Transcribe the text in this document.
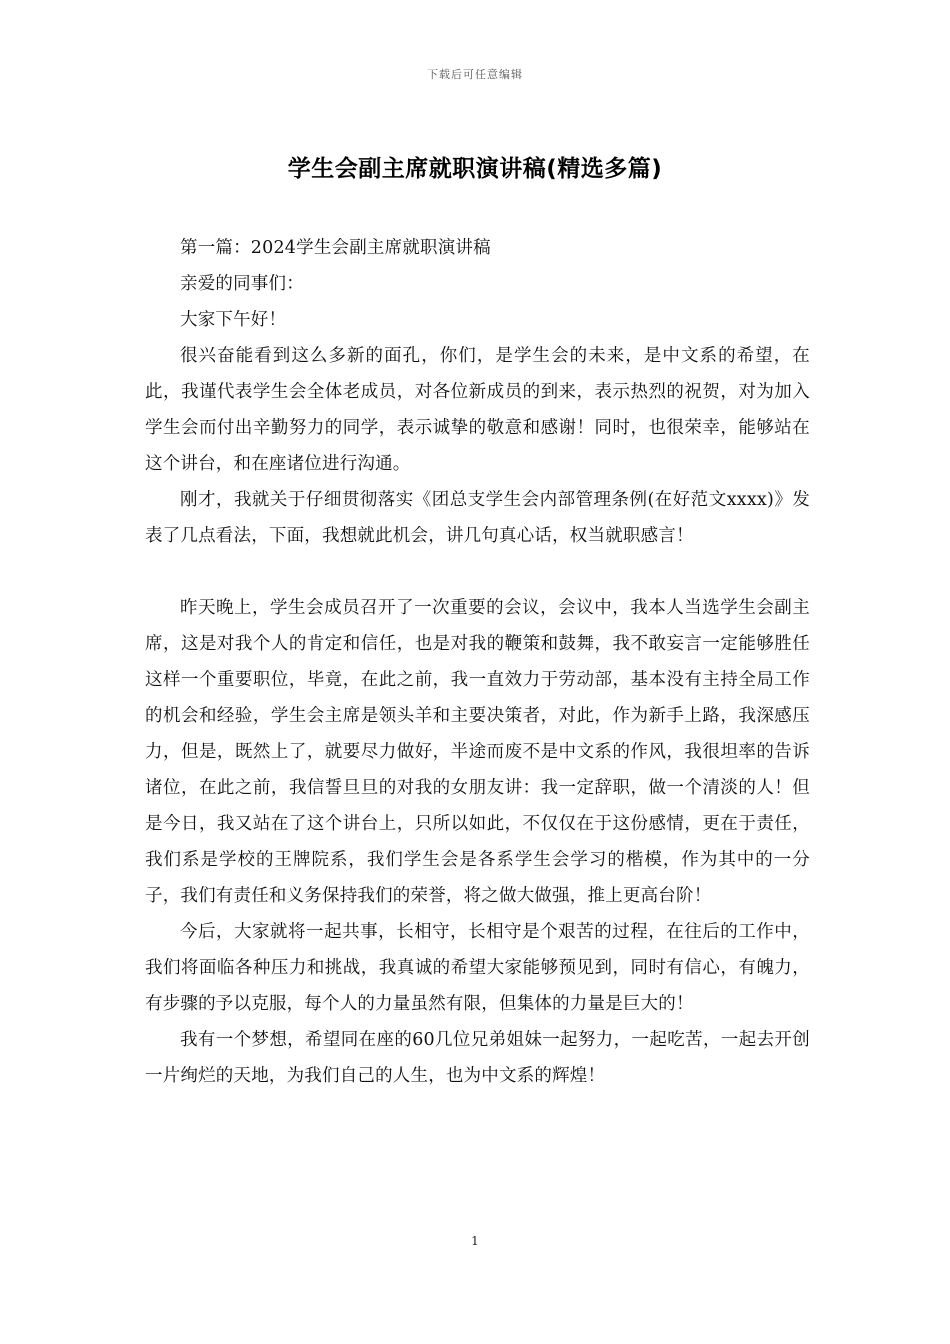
下载后可任意编辑
学生会副主席就职演讲稿(精选多篇)

第一篇：2024学生会副主席就职演讲稿

亲爱的同事们：

大家下午好！

很兴奋能看到这么多新的面孔，你们，是学生会的未来，是中文系的希望，在此，我谨代表学生会全体老成员，对各位新成员的到来，表示热烈的祝贺，对为加入学生会而付出辛勤努力的同学，表示诚挚的敬意和感谢！同时，也很荣幸，能够站在这个讲台，和在座诸位进行沟通。

刚才，我就关于仔细贯彻落实《团总支学生会内部管理条例(在好范文xxxx)》发表了几点看法，下面，我想就此机会，讲几句真心话，权当就职感言！

昨天晚上，学生会成员召开了一次重要的会议，会议中，我本人当选学生会副主席，这是对我个人的肯定和信任，也是对我的鞭策和鼓舞，我不敢妄言一定能够胜任这样一个重要职位，毕竟，在此之前，我一直效力于劳动部，基本没有主持全局工作的机会和经验，学生会主席是领头羊和主要决策者，对此，作为新手上路，我深感压力，但是，既然上了，就要尽力做好，半途而废不是中文系的作风，我很坦率的告诉诸位，在此之前，我信誓旦旦的对我的女朋友讲：我一定辞职，做一个清淡的人！但是今日，我又站在了这个讲台上，只所以如此，不仅仅在于这份感情，更在于责任，我们系是学校的王牌院系，我们学生会是各系学生会学习的楷模，作为其中的一分子，我们有责任和义务保持我们的荣誉，将之做大做强，推上更高台阶！

今后，大家就将一起共事，长相守，长相守是个艰苦的过程，在往后的工作中，我们将面临各种压力和挑战，我真诚的希望大家能够预见到，同时有信心，有魄力，有步骤的予以克服，每个人的力量虽然有限，但集体的力量是巨大的！

我有一个梦想，希望同在座的60几位兄弟姐妹一起努力，一起吃苦，一起去开创一片绚烂的天地，为我们自己的人生，也为中文系的辉煌！

1
